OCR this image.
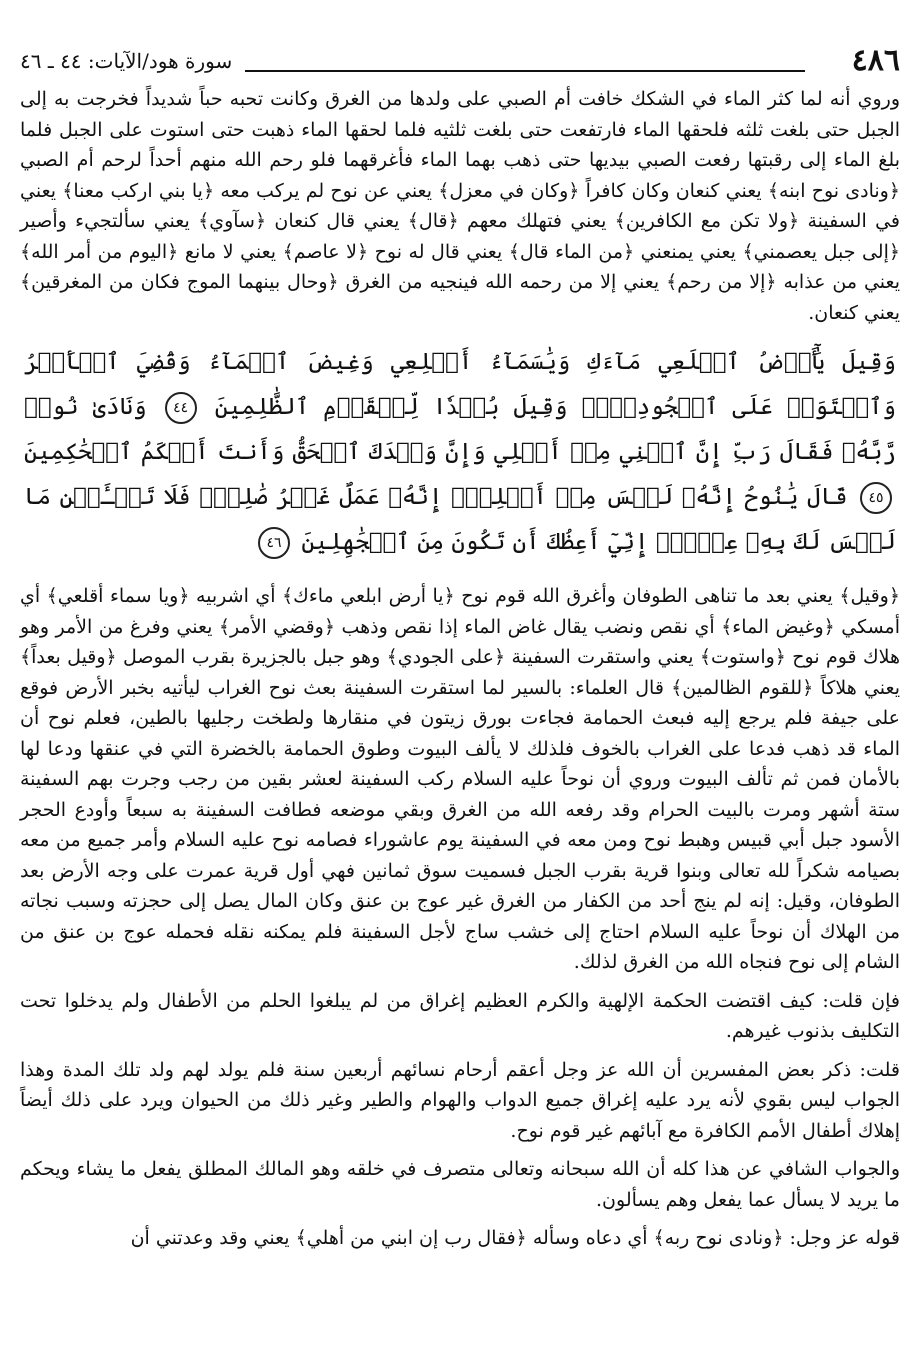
٤٨٦
سورة هود/الآيات: ٤٤ ـ ٤٦

وروي أنه لما كثر الماء في الشكك خافت أم الصبي على ولدها من الغرق وكانت تحبه حباً شديداً فخرجت به إلى الجبل حتى بلغت ثلثه فلحقها الماء فارتفعت حتى بلغت ثلثيه فلما لحقها الماء ذهبت حتى استوت على الجبل فلما بلغ الماء إلى رقبتها رفعت الصبي بيديها حتى ذهب بهما الماء فأغرقهما فلو رحم الله منهم أحداً لرحم أم الصبي ﴿ونادى نوح ابنه﴾ يعني كنعان وكان كافراً ﴿وكان في معزل﴾ يعني عن نوح لم يركب معه ﴿يا بني اركب معنا﴾ يعني في السفينة ﴿ولا تكن مع الكافرين﴾ يعني فتهلك معهم ﴿قال﴾ يعني قال كنعان ﴿سآوي﴾ يعني سألتجيء وأصير ﴿إلى جبل يعصمني﴾ يعني يمنعني ﴿من الماء قال﴾ يعني قال له نوح ﴿لا عاصم﴾ يعني لا مانع ﴿اليوم من أمر الله﴾ يعني من عذابه ﴿إلا من رحم﴾ يعني إلا من رحمه الله فينجيه من الغرق ﴿وحال بينهما الموج فكان من المغرقين﴾ يعني كنعان.

وَقِيلَ يَٰٓأَرۡضُ ٱبۡلَعِي مَآءَكِ وَيَٰسَمَآءُ أَقۡلِعِي وَغِيضَ ٱلۡمَآءُ وَقُضِيَ ٱلۡأَمۡرُ وَٱسۡتَوَتۡ عَلَى ٱلۡجُودِيِّۖ وَقِيلَ بُعۡدٗا لِّلۡقَوۡمِ ٱلظَّٰلِمِينَ ٤٤ وَنَادَىٰ نُوحٞ رَّبَّهُۥ فَقَالَ رَبِّ إِنَّ ٱبۡنِي مِنۡ أَهۡلِي وَإِنَّ وَعۡدَكَ ٱلۡحَقُّ وَأَنتَ أَحۡكَمُ ٱلۡحَٰكِمِينَ ٤٥ قَالَ يَٰنُوحُ إِنَّهُۥ لَيۡسَ مِنۡ أَهۡلِكَۖ إِنَّهُۥ عَمَلٌ غَيۡرُ صَٰلِحٖۖ فَلَا تَسۡـَٔلۡنِ مَا لَيۡسَ لَكَ بِهِۦ عِلۡمٌۖ إِنِّيٓ أَعِظُكَ أَن تَكُونَ مِنَ ٱلۡجَٰهِلِينَ ٤٦

﴿وقيل﴾ يعني بعد ما تناهى الطوفان وأغرق الله قوم نوح ﴿يا أرض ابلعي ماءك﴾ أي اشربيه ﴿ويا سماء أقلعي﴾ أي أمسكي ﴿وغيض الماء﴾ أي نقص ونضب يقال غاض الماء إذا نقص وذهب ﴿وقضي الأمر﴾ يعني وفرغ من الأمر وهو هلاك قوم نوح ﴿واستوت﴾ يعني واستقرت السفينة ﴿على الجودي﴾ وهو جبل بالجزيرة بقرب الموصل ﴿وقيل بعداً﴾ يعني هلاكاً ﴿للقوم الظالمين﴾ قال العلماء: بالسير لما استقرت السفينة بعث نوح الغراب ليأتيه بخبر الأرض فوقع على جيفة فلم يرجع إليه فبعث الحمامة فجاءت بورق زيتون في منقارها ولطخت رجليها بالطين، فعلم نوح أن الماء قد ذهب فدعا على الغراب بالخوف فلذلك لا يألف البيوت وطوق الحمامة بالخضرة التي في عنقها ودعا لها بالأمان فمن ثم تألف البيوت وروي أن نوحاً عليه السلام ركب السفينة لعشر بقين من رجب وجرت بهم السفينة ستة أشهر ومرت بالبيت الحرام وقد رفعه الله من الغرق وبقي موضعه فطافت السفينة به سبعاً وأودع الحجر الأسود جبل أبي قبيس وهبط نوح ومن معه في السفينة يوم عاشوراء فصامه نوح عليه السلام وأمر جميع من معه بصيامه شكراً لله تعالى وبنوا قرية بقرب الجبل فسميت سوق ثمانين فهي أول قرية عمرت على وجه الأرض بعد الطوفان، وقيل: إنه لم ينج أحد من الكفار من الغرق غير عوج بن عنق وكان المال يصل إلى حجزته وسبب نجاته من الهلاك أن نوحاً عليه السلام احتاج إلى خشب ساج لأجل السفينة فلم يمكنه نقله فحمله عوج بن عنق من الشام إلى نوح فنجاه الله من الغرق لذلك.

فإن قلت: كيف اقتضت الحكمة الإلهية والكرم العظيم إغراق من لم يبلغوا الحلم من الأطفال ولم يدخلوا تحت التكليف بذنوب غيرهم.

قلت: ذكر بعض المفسرين أن الله عز وجل أعقم أرحام نسائهم أربعين سنة فلم يولد لهم ولد تلك المدة وهذا الجواب ليس بقوي لأنه يرد عليه إغراق جميع الدواب والهوام والطير وغير ذلك من الحيوان ويرد على ذلك أيضاً إهلاك أطفال الأمم الكافرة مع آبائهم غير قوم نوح.

والجواب الشافي عن هذا كله أن الله سبحانه وتعالى متصرف في خلقه وهو المالك المطلق يفعل ما يشاء ويحكم ما يريد لا يسأل عما يفعل وهم يسألون.

قوله عز وجل: ﴿ونادى نوح ربه﴾ أي دعاه وسأله ﴿فقال رب إن ابني من أهلي﴾ يعني وقد وعدتني أن
